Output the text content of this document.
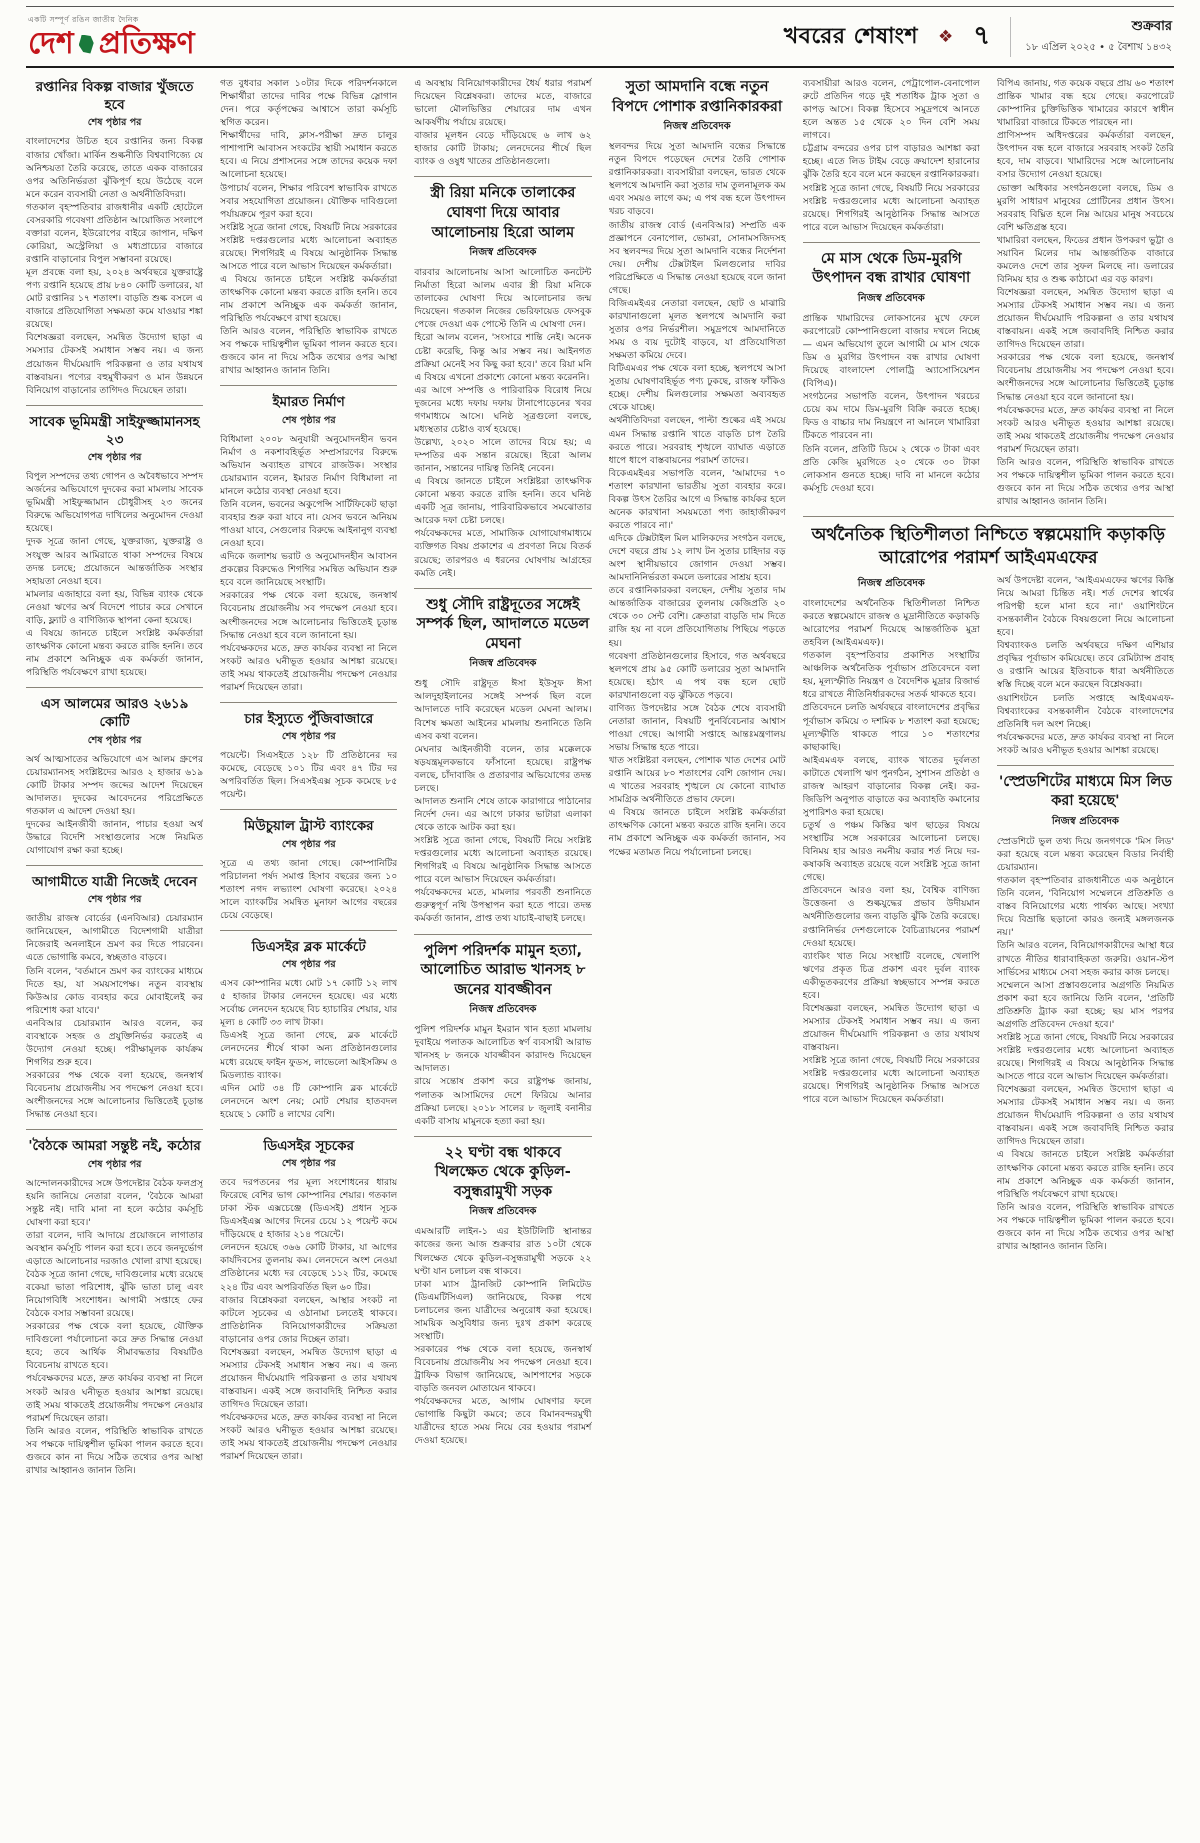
একটি সম্পূর্ণ রঙিন জাতীয় দৈনিক
দেশ প্রতিক্ষণ	খবরের শেষাংশ ❖ ৭	শুক্রবার
১৮ এপ্রিল ২০২৫ • ৫ বৈশাখ ১৪৩২
রপ্তানির বিকল্প বাজার খুঁজতে হবে
শেষ পৃষ্ঠার পর
বাংলাদেশের উচিত হবে রপ্তানির জন্য বিকল্প বাজার খোঁজা। মার্কিন শুল্কনীতি বিশ্ববাণিজ্যে যে অনিশ্চয়তা তৈরি করেছে, তাতে একক বাজারের ওপর অতিনির্ভরতা ঝুঁকিপূর্ণ হয়ে উঠেছে বলে মনে করেন ব্যবসায়ী নেতা ও অর্থনীতিবিদরা।
গতকাল বৃহস্পতিবার রাজধানীর একটি হোটেলে বেসরকারি গবেষণা প্রতিষ্ঠান আয়োজিত সংলাপে বক্তারা বলেন, ইউরোপের বাইরে জাপান, দক্ষিণ কোরিয়া, অস্ট্রেলিয়া ও মধ্যপ্রাচ্যের বাজারে রপ্তানি বাড়ানোর বিপুল সম্ভাবনা রয়েছে।
মূল প্রবন্ধে বলা হয়, ২০২৪ অর্থবছরে যুক্তরাষ্ট্রে পণ্য রপ্তানি হয়েছে প্রায় ৮৪০ কোটি ডলারের, যা মোট রপ্তানির ১৭ শতাংশ। বাড়তি শুল্ক বসলে এ বাজারে প্রতিযোগিতা সক্ষমতা কমে যাওয়ার শঙ্কা রয়েছে।
বিশেষজ্ঞরা বলছেন, সমন্বিত উদ্যোগ ছাড়া এ সমস্যার টেকসই সমাধান সম্ভব নয়। এ জন্য প্রয়োজন দীর্ঘমেয়াদি পরিকল্পনা ও তার যথাযথ বাস্তবায়ন। পণ্যের বহুমুখীকরণ ও মান উন্নয়নে বিনিয়োগ বাড়ানোর তাগিদও দিয়েছেন তারা।
সাবেক ভূমিমন্ত্রী সাইফুজ্জামানসহ ২৩
শেষ পৃষ্ঠার পর
বিপুল সম্পদের তথ্য গোপন ও অবৈধভাবে সম্পদ অর্জনের অভিযোগে দুদকের করা মামলায় সাবেক ভূমিমন্ত্রী সাইফুজ্জামান চৌধুরীসহ ২৩ জনের বিরুদ্ধে অভিযোগপত্র দাখিলের অনুমোদন দেওয়া হয়েছে।
দুদক সূত্রে জানা গেছে, যুক্তরাজ্য, যুক্তরাষ্ট্র ও সংযুক্ত আরব আমিরাতে থাকা সম্পদের বিষয়ে তদন্ত চলছে; প্রয়োজনে আন্তর্জাতিক সংস্থার সহায়তা নেওয়া হবে।
মামলার এজাহারে বলা হয়, বিভিন্ন ব্যাংক থেকে নেওয়া ঋণের অর্থ বিদেশে পাচার করে সেখানে বাড়ি, ফ্ল্যাট ও বাণিজ্যিক স্থাপনা কেনা হয়েছে।
এ বিষয়ে জানতে চাইলে সংশ্লিষ্ট কর্মকর্তারা তাৎক্ষণিক কোনো মন্তব্য করতে রাজি হননি। তবে নাম প্রকাশে অনিচ্ছুক এক কর্মকর্তা জানান, পরিস্থিতি পর্যবেক্ষণে রাখা হয়েছে।
এস আলমের আরও ২৬১৯ কোটি
শেষ পৃষ্ঠার পর
অর্থ আত্মসাতের অভিযোগে এস আলম গ্রুপের চেয়ারম্যানসহ সংশ্লিষ্টদের আরও ২ হাজার ৬১৯ কোটি টাকার সম্পদ জব্দের আদেশ দিয়েছেন আদালত। দুদকের আবেদনের পরিপ্রেক্ষিতে গতকাল এ আদেশ দেওয়া হয়।
দুদকের আইনজীবী জানান, পাচার হওয়া অর্থ উদ্ধারে বিদেশি সংস্থাগুলোর সঙ্গে নিয়মিত যোগাযোগ রক্ষা করা হচ্ছে।
আগামীতে যাত্রী নিজেই দেবেন
শেষ পৃষ্ঠার পর
জাতীয় রাজস্ব বোর্ডের (এনবিআর) চেয়ারম্যান জানিয়েছেন, আগামীতে বিদেশগামী যাত্রীরা নিজেরাই অনলাইনে ভ্রমণ কর দিতে পারবেন। এতে ভোগান্তি কমবে, স্বচ্ছতাও বাড়বে।
তিনি বলেন, 'বর্তমানে ভ্রমণ কর ব্যাংকের মাধ্যমে দিতে হয়, যা সময়সাপেক্ষ। নতুন ব্যবস্থায় কিউআর কোড ব্যবহার করে মোবাইলেই কর পরিশোধ করা যাবে।'
এনবিআর চেয়ারম্যান আরও বলেন, কর ব্যবস্থাকে সহজ ও প্রযুক্তিনির্ভর করতেই এ উদ্যোগ নেওয়া হচ্ছে। পরীক্ষামূলক কার্যক্রম শিগগির শুরু হবে।
সরকারের পক্ষ থেকে বলা হয়েছে, জনস্বার্থ বিবেচনায় প্রয়োজনীয় সব পদক্ষেপ নেওয়া হবে। অংশীজনদের সঙ্গে আলোচনার ভিত্তিতেই চূড়ান্ত সিদ্ধান্ত নেওয়া হবে।
'বৈঠকে আমরা সন্তুষ্ট নই, কঠোর
শেষ পৃষ্ঠার পর
আন্দোলনকারীদের সঙ্গে উপদেষ্টার বৈঠক ফলপ্রসূ হয়নি জানিয়ে নেতারা বলেন, 'বৈঠকে আমরা সন্তুষ্ট নই। দাবি মানা না হলে কঠোর কর্মসূচি ঘোষণা করা হবে।'
তারা বলেন, দাবি আদায়ে প্রয়োজনে লাগাতার অবস্থান কর্মসূচি পালন করা হবে। তবে জনদুর্ভোগ এড়াতে আলোচনার দরজাও খোলা রাখা হয়েছে।
বৈঠক সূত্রে জানা গেছে, দাবিগুলোর মধ্যে রয়েছে বকেয়া ভাতা পরিশোধ, ঝুঁকি ভাতা চালু এবং নিয়োগবিধি সংশোধন। আগামী সপ্তাহে ফের বৈঠকে বসার সম্ভাবনা রয়েছে।
সরকারের পক্ষ থেকে বলা হয়েছে, যৌক্তিক দাবিগুলো পর্যালোচনা করে দ্রুত সিদ্ধান্ত নেওয়া হবে; তবে আর্থিক সীমাবদ্ধতার বিষয়টিও বিবেচনায় রাখতে হবে।
পর্যবেক্ষকদের মতে, দ্রুত কার্যকর ব্যবস্থা না নিলে সংকট আরও ঘনীভূত হওয়ার আশঙ্কা রয়েছে। তাই সময় থাকতেই প্রয়োজনীয় পদক্ষেপ নেওয়ার পরামর্শ দিয়েছেন তারা।
তিনি আরও বলেন, পরিস্থিতি স্বাভাবিক রাখতে সব পক্ষকে দায়িত্বশীল ভূমিকা পালন করতে হবে। গুজবে কান না দিয়ে সঠিক তথ্যের ওপর আস্থা রাখার আহ্বানও জানান তিনি।
গত বুধবার সকাল ১০টার দিকে পরিদর্শনকালে শিক্ষার্থীরা তাদের দাবির পক্ষে বিভিন্ন স্লোগান দেন। পরে কর্তৃপক্ষের আশ্বাসে তারা কর্মসূচি স্থগিত করেন।
শিক্ষার্থীদের দাবি, ক্লাস-পরীক্ষা দ্রুত চালুর পাশাপাশি আবাসন সংকটের স্থায়ী সমাধান করতে হবে। এ নিয়ে প্রশাসনের সঙ্গে তাদের কয়েক দফা আলোচনা হয়েছে।
উপাচার্য বলেন, শিক্ষার পরিবেশ স্বাভাবিক রাখতে সবার সহযোগিতা প্রয়োজন। যৌক্তিক দাবিগুলো পর্যায়ক্রমে পূরণ করা হবে।
সংশ্লিষ্ট সূত্রে জানা গেছে, বিষয়টি নিয়ে সরকারের সংশ্লিষ্ট দপ্তরগুলোর মধ্যে আলোচনা অব্যাহত রয়েছে। শিগগিরই এ বিষয়ে আনুষ্ঠানিক সিদ্ধান্ত আসতে পারে বলে আভাস দিয়েছেন কর্মকর্তারা।
এ বিষয়ে জানতে চাইলে সংশ্লিষ্ট কর্মকর্তারা তাৎক্ষণিক কোনো মন্তব্য করতে রাজি হননি। তবে নাম প্রকাশে অনিচ্ছুক এক কর্মকর্তা জানান, পরিস্থিতি পর্যবেক্ষণে রাখা হয়েছে।
তিনি আরও বলেন, পরিস্থিতি স্বাভাবিক রাখতে সব পক্ষকে দায়িত্বশীল ভূমিকা পালন করতে হবে। গুজবে কান না দিয়ে সঠিক তথ্যের ওপর আস্থা রাখার আহ্বানও জানান তিনি।
ইমারত নির্মাণ
শেষ পৃষ্ঠার পর
বিধিমালা ২০০৮ অনুযায়ী অনুমোদনহীন ভবন নির্মাণ ও নকশাবহির্ভূত সম্প্রসারণের বিরুদ্ধে অভিযান অব্যাহত রাখবে রাজউক। সংস্থার চেয়ারম্যান বলেন, ইমারত নির্মাণ বিধিমালা না মানলে কঠোর ব্যবস্থা নেওয়া হবে।
তিনি বলেন, ভবনের অকুপেন্সি সার্টিফিকেট ছাড়া ব্যবহার শুরু করা যাবে না। যেসব ভবনে অনিয়ম পাওয়া যাবে, সেগুলোর বিরুদ্ধে আইনানুগ ব্যবস্থা নেওয়া হবে।
এদিকে জলাশয় ভরাট ও অনুমোদনহীন আবাসন প্রকল্পের বিরুদ্ধেও শিগগির সমন্বিত অভিযান শুরু হবে বলে জানিয়েছে সংস্থাটি।
সরকারের পক্ষ থেকে বলা হয়েছে, জনস্বার্থ বিবেচনায় প্রয়োজনীয় সব পদক্ষেপ নেওয়া হবে। অংশীজনদের সঙ্গে আলোচনার ভিত্তিতেই চূড়ান্ত সিদ্ধান্ত নেওয়া হবে বলে জানানো হয়।
পর্যবেক্ষকদের মতে, দ্রুত কার্যকর ব্যবস্থা না নিলে সংকট আরও ঘনীভূত হওয়ার আশঙ্কা রয়েছে। তাই সময় থাকতেই প্রয়োজনীয় পদক্ষেপ নেওয়ার পরামর্শ দিয়েছেন তারা।
চার ইস্যুতে পুঁজিবাজারে
শেষ পৃষ্ঠার পর
পয়েন্টে। সিএসইতে ১২৮ টি প্রতিষ্ঠানের দর কমেছে, বেড়েছে ১০১ টির এবং ৪৭ টির দর অপরিবর্তিত ছিল। সিএসইএক্স সূচক কমেছে ৮৫ পয়েন্ট।
মিউচুয়াল ট্রাস্ট ব্যাংকের
শেষ পৃষ্ঠার পর
সূত্রে এ তথ্য জানা গেছে। কোম্পানিটির পরিচালনা পর্ষদ সমাপ্ত হিসাব বছরের জন্য ১০ শতাংশ নগদ লভ্যাংশ ঘোষণা করেছে। ২০২৪ সালে ব্যাংকটির সমন্বিত মুনাফা আগের বছরের চেয়ে বেড়েছে।
ডিএসইর ব্লক মার্কেটে
শেষ পৃষ্ঠার পর
এসব কোম্পানির মধ্যে মোট ১৭ কোটি ১২ লাখ ৫ হাজার টাকার লেনদেন হয়েছে। এর মধ্যে সর্বোচ্চ লেনদেন হয়েছে বিচ হ্যাচারির শেয়ার, যার মূল্য ৪ কোটি ৩৩ লাখ টাকা।
ডিএসই সূত্রে জানা গেছে, ব্লক মার্কেটে লেনদেনের শীর্ষে থাকা অন্য প্রতিষ্ঠানগুলোর মধ্যে রয়েছে ফাইন ফুডস, লাভেলো আইসক্রিম ও মিডল্যান্ড ব্যাংক।
এদিন মোট ৩৪ টি কোম্পানি ব্লক মার্কেটে লেনদেনে অংশ নেয়; মোট শেয়ার হাতবদল হয়েছে ১ কোটি ৪ লাখের বেশি।
ডিএসইর সূচকের
শেষ পৃষ্ঠার পর
তবে দরপতনের পর মূল্য সংশোধনের ধারায় ফিরেছে বেশির ভাগ কোম্পানির শেয়ার। গতকাল ঢাকা স্টক এক্সচেঞ্জে (ডিএসই) প্রধান সূচক ডিএসইএক্স আগের দিনের চেয়ে ১২ পয়েন্ট কমে দাঁড়িয়েছে ৫ হাজার ২১৪ পয়েন্টে।
লেনদেন হয়েছে ৩৬৬ কোটি টাকার, যা আগের কার্যদিবসের তুলনায় কম। লেনদেনে অংশ নেওয়া প্রতিষ্ঠানের মধ্যে দর বেড়েছে ১১২ টির, কমেছে ২২৪ টির এবং অপরিবর্তিত ছিল ৬০ টির।
বাজার বিশ্লেষকরা বলছেন, আস্থার সংকট না কাটলে সূচকের এ ওঠানামা চলতেই থাকবে। প্রাতিষ্ঠানিক বিনিয়োগকারীদের সক্রিয়তা বাড়ানোর ওপর জোর দিচ্ছেন তারা।
বিশেষজ্ঞরা বলছেন, সমন্বিত উদ্যোগ ছাড়া এ সমস্যার টেকসই সমাধান সম্ভব নয়। এ জন্য প্রয়োজন দীর্ঘমেয়াদি পরিকল্পনা ও তার যথাযথ বাস্তবায়ন। একই সঙ্গে জবাবদিহি নিশ্চিত করার তাগিদও দিয়েছেন তারা।
পর্যবেক্ষকদের মতে, দ্রুত কার্যকর ব্যবস্থা না নিলে সংকট আরও ঘনীভূত হওয়ার আশঙ্কা রয়েছে। তাই সময় থাকতেই প্রয়োজনীয় পদক্ষেপ নেওয়ার পরামর্শ দিয়েছেন তারা।
এ অবস্থায় বিনিয়োগকারীদের ধৈর্য ধরার পরামর্শ দিয়েছেন বিশ্লেষকরা। তাদের মতে, বাজারে ভালো মৌলভিত্তির শেয়ারের দাম এখন আকর্ষণীয় পর্যায়ে রয়েছে।
বাজার মূলধন বেড়ে দাঁড়িয়েছে ৬ লাখ ৬২ হাজার কোটি টাকায়; লেনদেনের শীর্ষে ছিল ব্যাংক ও ওষুধ খাতের প্রতিষ্ঠানগুলো।
স্ত্রী রিয়া মনিকে তালাকের ঘোষণা দিয়ে আবার আলোচনায় হিরো আলম
নিজস্ব প্রতিবেদক
বারবার আলোচনায় আসা আলোচিত কনটেন্ট নির্মাতা হিরো আলম এবার স্ত্রী রিয়া মনিকে তালাকের ঘোষণা দিয়ে আলোচনার জন্ম দিয়েছেন। গতকাল নিজের ভেরিফায়েড ফেসবুক পেজে দেওয়া এক পোস্টে তিনি এ ঘোষণা দেন।
হিরো আলম বলেন, 'সংসারে শান্তি নেই। অনেক চেষ্টা করেছি, কিন্তু আর সম্ভব নয়। আইনগত প্রক্রিয়া মেনেই সব কিছু করা হবে।' তবে রিয়া মনি এ বিষয়ে এখনো প্রকাশ্যে কোনো মন্তব্য করেননি।
এর আগে সম্পত্তি ও পারিবারিক বিরোধ নিয়ে দুজনের মধ্যে দফায় দফায় টানাপোড়েনের খবর গণমাধ্যমে আসে। ঘনিষ্ঠ সূত্রগুলো বলছে, মধ্যস্থতার চেষ্টাও ব্যর্থ হয়েছে।
উল্লেখ্য, ২০২০ সালে তাদের বিয়ে হয়; এ দম্পতির এক সন্তান রয়েছে। হিরো আলম জানান, সন্তানের দায়িত্ব তিনিই নেবেন।
এ বিষয়ে জানতে চাইলে সংশ্লিষ্টরা তাৎক্ষণিক কোনো মন্তব্য করতে রাজি হননি। তবে ঘনিষ্ঠ একটি সূত্র জানায়, পারিবারিকভাবে সমঝোতার আরেক দফা চেষ্টা চলছে।
পর্যবেক্ষকদের মতে, সামাজিক যোগাযোগমাধ্যমে ব্যক্তিগত বিষয় প্রকাশের এ প্রবণতা নিয়ে বিতর্ক রয়েছে; তারপরও এ ধরনের ঘোষণায় আগ্রহের কমতি নেই।
শুধু সৌদি রাষ্ট্রদূতের সঙ্গেই সম্পর্ক ছিল, আদালতে মডেল মেঘনা
নিজস্ব প্রতিবেদক
শুধু সৌদি রাষ্ট্রদূত ঈসা ইউসুফ ঈসা আলদুহাইলানের সঙ্গেই সম্পর্ক ছিল বলে আদালতে দাবি করেছেন মডেল মেঘনা আলম। বিশেষ ক্ষমতা আইনের মামলায় শুনানিতে তিনি এসব কথা বলেন।
মেঘনার আইনজীবী বলেন, তার মক্কেলকে ষড়যন্ত্রমূলকভাবে ফাঁসানো হয়েছে। রাষ্ট্রপক্ষ বলছে, চাঁদাবাজি ও প্রতারণার অভিযোগের তদন্ত চলছে।
আদালত শুনানি শেষে তাকে কারাগারে পাঠানোর নির্দেশ দেন। এর আগে ঢাকার ভাটারা এলাকা থেকে তাকে আটক করা হয়।
সংশ্লিষ্ট সূত্রে জানা গেছে, বিষয়টি নিয়ে সংশ্লিষ্ট দপ্তরগুলোর মধ্যে আলোচনা অব্যাহত রয়েছে। শিগগিরই এ বিষয়ে আনুষ্ঠানিক সিদ্ধান্ত আসতে পারে বলে আভাস দিয়েছেন কর্মকর্তারা।
পর্যবেক্ষকদের মতে, মামলার পরবর্তী শুনানিতে গুরুত্বপূর্ণ নথি উপস্থাপন করা হতে পারে। তদন্ত কর্মকর্তা জানান, প্রাপ্ত তথ্য যাচাই-বাছাই চলছে।
পুলিশ পরিদর্শক মামুন হত্যা, আলোচিত আরাভ খানসহ ৮ জনের যাবজ্জীবন
নিজস্ব প্রতিবেদক
পুলিশ পরিদর্শক মামুন ইমরান খান হত্যা মামলায় দুবাইয়ে পলাতক আলোচিত স্বর্ণ ব্যবসায়ী আরাভ খানসহ ৮ জনকে যাবজ্জীবন কারাদণ্ড দিয়েছেন আদালত।
রায়ে সন্তোষ প্রকাশ করে রাষ্ট্রপক্ষ জানায়, পলাতক আসামিদের দেশে ফিরিয়ে আনার প্রক্রিয়া চলছে। ২০১৮ সালের ৮ জুলাই বনানীর একটি বাসায় মামুনকে হত্যা করা হয়।
২২ ঘণ্টা বন্ধ থাকবে খিলক্ষেত থেকে কুড়িল-বসুন্ধরামুখী সড়ক
নিজস্ব প্রতিবেদক
এমআরটি লাইন-১ এর ইউটিলিটি স্থানান্তর কাজের জন্য আজ শুক্রবার রাত ১০টা থেকে খিলক্ষেত থেকে কুড়িল-বসুন্ধরামুখী সড়কে ২২ ঘণ্টা যান চলাচল বন্ধ থাকবে।
ঢাকা ম্যাস ট্রানজিট কোম্পানি লিমিটেড (ডিএমটিসিএল) জানিয়েছে, বিকল্প পথে চলাচলের জন্য যাত্রীদের অনুরোধ করা হয়েছে। সাময়িক অসুবিধার জন্য দুঃখ প্রকাশ করেছে সংস্থাটি।
সরকারের পক্ষ থেকে বলা হয়েছে, জনস্বার্থ বিবেচনায় প্রয়োজনীয় সব পদক্ষেপ নেওয়া হবে। ট্রাফিক বিভাগ জানিয়েছে, আশপাশের সড়কে বাড়তি জনবল মোতায়েন থাকবে।
পর্যবেক্ষকদের মতে, আগাম ঘোষণার ফলে ভোগান্তি কিছুটা কমবে; তবে বিমানবন্দরমুখী যাত্রীদের হাতে সময় নিয়ে বের হওয়ার পরামর্শ দেওয়া হয়েছে।
সুতা আমদানি বন্ধে নতুন বিপদে পোশাক রপ্তানিকারকরা
নিজস্ব প্রতিবেদক
স্থলবন্দর দিয়ে সুতা আমদানি বন্ধের সিদ্ধান্তে নতুন বিপদে পড়েছেন দেশের তৈরি পোশাক রপ্তানিকারকরা। ব্যবসায়ীরা বলছেন, ভারত থেকে স্থলপথে আমদানি করা সুতার দাম তুলনামূলক কম এবং সময়ও লাগে কম; এ পথ বন্ধ হলে উৎপাদন খরচ বাড়বে।
জাতীয় রাজস্ব বোর্ড (এনবিআর) সম্প্রতি এক প্রজ্ঞাপনে বেনাপোল, ভোমরা, সোনামসজিদসহ সব স্থলবন্দর দিয়ে সুতা আমদানি বন্ধের নির্দেশনা দেয়। দেশীয় টেক্সটাইল মিলগুলোর দাবির পরিপ্রেক্ষিতে এ সিদ্ধান্ত নেওয়া হয়েছে বলে জানা গেছে।
বিজিএমইএর নেতারা বলছেন, ছোট ও মাঝারি কারখানাগুলো মূলত স্থলপথে আমদানি করা সুতার ওপর নির্ভরশীল। সমুদ্রপথে আমদানিতে সময় ও ব্যয় দুটোই বাড়বে, যা প্রতিযোগিতা সক্ষমতা কমিয়ে দেবে।
বিটিএমএর পক্ষ থেকে বলা হচ্ছে, স্থলপথে আসা সুতায় ঘোষণাবহির্ভূত পণ্য ঢুকছে, রাজস্ব ফাঁকিও হচ্ছে। দেশীয় মিলগুলোর সক্ষমতা অব্যবহৃত থেকে যাচ্ছে।
অর্থনীতিবিদরা বলছেন, পাল্টা শুল্কের এই সময়ে এমন সিদ্ধান্ত রপ্তানি খাতে বাড়তি চাপ তৈরি করতে পারে। সরবরাহ শৃঙ্খলে ব্যাঘাত এড়াতে ধাপে ধাপে বাস্তবায়নের পরামর্শ তাদের।
বিকেএমইএর সভাপতি বলেন, 'আমাদের ৭০ শতাংশ কারখানা ভারতীয় সুতা ব্যবহার করে। বিকল্প উৎস তৈরির আগে এ সিদ্ধান্ত কার্যকর হলে অনেক কারখানা সময়মতো পণ্য জাহাজীকরণ করতে পারবে না।'
এদিকে টেক্সটাইল মিল মালিকদের সংগঠন বলছে, দেশে বছরে প্রায় ১২ লাখ টন সুতার চাহিদার বড় অংশ স্থানীয়ভাবে জোগান দেওয়া সম্ভব। আমদানিনির্ভরতা কমলে ডলারের সাশ্রয় হবে।
তবে রপ্তানিকারকরা বলছেন, দেশীয় সুতার দাম আন্তর্জাতিক বাজারের তুলনায় কেজিপ্রতি ২০ থেকে ৩০ সেন্ট বেশি। ক্রেতারা বাড়তি দাম দিতে রাজি হয় না বলে প্রতিযোগিতায় পিছিয়ে পড়তে হয়।
গবেষণা প্রতিষ্ঠানগুলোর হিসাবে, গত অর্থবছরে স্থলপথে প্রায় ৯৫ কোটি ডলারের সুতা আমদানি হয়েছে। হঠাৎ এ পথ বন্ধ হলে ছোট কারখানাগুলো বড় ঝুঁকিতে পড়বে।
বাণিজ্য উপদেষ্টার সঙ্গে বৈঠক শেষে ব্যবসায়ী নেতারা জানান, বিষয়টি পুনর্বিবেচনার আশ্বাস পাওয়া গেছে। আগামী সপ্তাহে আন্তঃমন্ত্রণালয় সভায় সিদ্ধান্ত হতে পারে।
খাত সংশ্লিষ্টরা বলছেন, পোশাক খাত দেশের মোট রপ্তানি আয়ের ৮০ শতাংশের বেশি জোগান দেয়। এ খাতের সরবরাহ শৃঙ্খলে যে কোনো ব্যাঘাত সামগ্রিক অর্থনীতিতে প্রভাব ফেলে।
এ বিষয়ে জানতে চাইলে সংশ্লিষ্ট কর্মকর্তারা তাৎক্ষণিক কোনো মন্তব্য করতে রাজি হননি। তবে নাম প্রকাশে অনিচ্ছুক এক কর্মকর্তা জানান, সব পক্ষের মতামত নিয়ে পর্যালোচনা চলছে।
ব্যবসায়ীরা আরও বলেন, পেট্রাপোল-বেনাপোল রুটে প্রতিদিন গড়ে দুই শতাধিক ট্রাক সুতা ও কাপড় আসে। বিকল্প হিসেবে সমুদ্রপথে আনতে হলে অন্তত ১৫ থেকে ২০ দিন বেশি সময় লাগবে।
চট্টগ্রাম বন্দরের ওপর চাপ বাড়ারও আশঙ্কা করা হচ্ছে। এতে লিড টাইম বেড়ে ক্রয়াদেশ হারানোর ঝুঁকি তৈরি হবে বলে মনে করছেন রপ্তানিকারকরা।
সংশ্লিষ্ট সূত্রে জানা গেছে, বিষয়টি নিয়ে সরকারের সংশ্লিষ্ট দপ্তরগুলোর মধ্যে আলোচনা অব্যাহত রয়েছে। শিগগিরই আনুষ্ঠানিক সিদ্ধান্ত আসতে পারে বলে আভাস দিয়েছেন কর্মকর্তারা।
মে মাস থেকে ডিম-মুরগি উৎপাদন বন্ধ রাখার ঘোষণা
নিজস্ব প্রতিবেদক
প্রান্তিক খামারিদের লোকসানের মুখে ফেলে করপোরেট কোম্পানিগুলো বাজার দখলে নিচ্ছে— এমন অভিযোগ তুলে আগামী মে মাস থেকে ডিম ও মুরগির উৎপাদন বন্ধ রাখার ঘোষণা দিয়েছে বাংলাদেশ পোলট্রি অ্যাসোসিয়েশন (বিপিএ)।
সংগঠনের সভাপতি বলেন, উৎপাদন খরচের চেয়ে কম দামে ডিম-মুরগি বিক্রি করতে হচ্ছে। ফিড ও বাচ্চার দাম নিয়ন্ত্রণে না আনলে খামারিরা টিকতে পারবেন না।
তিনি বলেন, প্রতিটি ডিমে ২ থেকে ৩ টাকা এবং প্রতি কেজি মুরগিতে ২০ থেকে ৩০ টাকা লোকসান গুনতে হচ্ছে। দাবি না মানলে কঠোর কর্মসূচি দেওয়া হবে।
বিপিএ জানায়, গত কয়েক বছরে প্রায় ৬০ শতাংশ প্রান্তিক খামার বন্ধ হয়ে গেছে। করপোরেট কোম্পানির চুক্তিভিত্তিক খামারের কারণে স্বাধীন খামারিরা বাজারে টিকতে পারছেন না।
প্রাণিসম্পদ অধিদপ্তরের কর্মকর্তারা বলছেন, উৎপাদন বন্ধ হলে বাজারে সরবরাহ সংকট তৈরি হবে, দাম বাড়বে। খামারিদের সঙ্গে আলোচনায় বসার উদ্যোগ নেওয়া হয়েছে।
ভোক্তা অধিকার সংগঠনগুলো বলছে, ডিম ও মুরগি সাধারণ মানুষের প্রোটিনের প্রধান উৎস। সরবরাহ বিঘ্নিত হলে নিম্ন আয়ের মানুষ সবচেয়ে বেশি ক্ষতিগ্রস্ত হবে।
খামারিরা বলছেন, ফিডের প্রধান উপকরণ ভুট্টা ও সয়াবিন মিলের দাম আন্তর্জাতিক বাজারে কমলেও দেশে তার সুফল মিলছে না। ডলারের বিনিময় হার ও শুল্ক কাঠামো এর বড় কারণ।
বিশেষজ্ঞরা বলছেন, সমন্বিত উদ্যোগ ছাড়া এ সমস্যার টেকসই সমাধান সম্ভব নয়। এ জন্য প্রয়োজন দীর্ঘমেয়াদি পরিকল্পনা ও তার যথাযথ বাস্তবায়ন। একই সঙ্গে জবাবদিহি নিশ্চিত করার তাগিদও দিয়েছেন তারা।
সরকারের পক্ষ থেকে বলা হয়েছে, জনস্বার্থ বিবেচনায় প্রয়োজনীয় সব পদক্ষেপ নেওয়া হবে। অংশীজনদের সঙ্গে আলোচনার ভিত্তিতেই চূড়ান্ত সিদ্ধান্ত নেওয়া হবে বলে জানানো হয়।
পর্যবেক্ষকদের মতে, দ্রুত কার্যকর ব্যবস্থা না নিলে সংকট আরও ঘনীভূত হওয়ার আশঙ্কা রয়েছে। তাই সময় থাকতেই প্রয়োজনীয় পদক্ষেপ নেওয়ার পরামর্শ দিয়েছেন তারা।
তিনি আরও বলেন, পরিস্থিতি স্বাভাবিক রাখতে সব পক্ষকে দায়িত্বশীল ভূমিকা পালন করতে হবে। গুজবে কান না দিয়ে সঠিক তথ্যের ওপর আস্থা রাখার আহ্বানও জানান তিনি।
অর্থনৈতিক স্থিতিশীলতা নিশ্চিতে স্বল্পমেয়াদি কড়াকড়ি আরোপের পরামর্শ আইএমএফের
নিজস্ব প্রতিবেদক
বাংলাদেশের অর্থনৈতিক স্থিতিশীলতা নিশ্চ‍িত করতে স্বল্পমেয়াদে রাজস্ব ও মুদ্রানীতিতে কড়াকড়ি আরোপের পরামর্শ দিয়েছে আন্তর্জাতিক মুদ্রা তহবিল (আইএমএফ)।
গতকাল বৃহস্পতিবার প্রকাশিত সংস্থাটির আঞ্চলিক অর্থনৈতিক পূর্বাভাস প্রতিবেদনে বলা হয়, মূল্যস্ফীতি নিয়ন্ত্রণ ও বৈদেশিক মুদ্রার রিজার্ভ ধরে রাখতে নীতিনির্ধারকদের সতর্ক থাকতে হবে।
প্রতিবেদনে চলতি অর্থবছরে বাংলাদেশের প্রবৃদ্ধির পূর্বাভাস কমিয়ে ৩ দশমিক ৮ শতাংশ করা হয়েছে; মূল্যস্ফীতি থাকতে পারে ১০ শতাংশের কাছাকাছি।
আইএমএফ বলছে, ব্যাংক খাতের দুর্বলতা কাটাতে খেলাপি ঋণ পুনর্গঠন, সুশাসন প্রতিষ্ঠা ও রাজস্ব আহরণ বাড়ানোর বিকল্প নেই। কর-জিডিপি অনুপাত বাড়াতে কর অব্যাহতি কমানোর সুপারিশও করা হয়েছে।
চতুর্থ ও পঞ্চম কিস্তির ঋণ ছাড়ের বিষয়ে সংস্থাটির সঙ্গে সরকারের আলোচনা চলছে। বিনিময় হার আরও নমনীয় করার শর্ত নিয়ে দর-কষাকষি অব্যাহত রয়েছে বলে সংশ্লিষ্ট সূত্রে জানা গেছে।
প্রতিবেদনে আরও বলা হয়, বৈশ্বিক বাণিজ্য উত্তেজনা ও শুল্কযুদ্ধের প্রভাব উদীয়মান অর্থনীতিগুলোর জন্য বাড়তি ঝুঁকি তৈরি করেছে। রপ্তানিনির্ভর দেশগুলোকে বৈচিত্র্যায়নের পরামর্শ দেওয়া হয়েছে।
ব্যাংকিং খাত নিয়ে সংস্থাটি বলেছে, খেলাপি ঋণের প্রকৃত চিত্র প্রকাশ এবং দুর্বল ব্যাংক একীভূতকরণের প্রক্রিয়া স্বচ্ছভাবে সম্পন্ন করতে হবে।
বিশেষজ্ঞরা বলছেন, সমন্বিত উদ্যোগ ছাড়া এ সমস্যার টেকসই সমাধান সম্ভব নয়। এ জন্য প্রয়োজন দীর্ঘমেয়াদি পরিকল্পনা ও তার যথাযথ বাস্তবায়ন।
সংশ্লিষ্ট সূত্রে জানা গেছে, বিষয়টি নিয়ে সরকারের সংশ্লিষ্ট দপ্তরগুলোর মধ্যে আলোচনা অব্যাহত রয়েছে। শিগগিরই আনুষ্ঠানিক সিদ্ধান্ত আসতে পারে বলে আভাস দিয়েছেন কর্মকর্তারা।
অর্থ উপদেষ্টা বলেন, 'আইএমএফের ঋণের কিস্তি নিয়ে আমরা চিন্তিত নই। শর্ত দেশের স্বার্থের পরিপন্থী হলে মানা হবে না।' ওয়াশিংটনে বসন্তকালীন বৈঠকে বিষয়গুলো নিয়ে আলোচনা হবে।
বিশ্বব্যাংকও চলতি অর্থবছরে দক্ষিণ এশিয়ার প্রবৃদ্ধির পূর্বাভাস কমিয়েছে। তবে রেমিট্যান্স প্রবাহ ও রপ্তানি আয়ের ইতিবাচক ধারা অর্থনীতিতে স্বস্তি দিচ্ছে বলে মনে করছেন বিশ্লেষকরা।
ওয়াশিংটনে চলতি সপ্তাহে আইএমএফ-বিশ্বব্যাংকের বসন্তকালীন বৈঠকে বাংলাদেশের প্রতিনিধি দল অংশ নিচ্ছে।
পর্যবেক্ষকদের মতে, দ্রুত কার্যকর ব্যবস্থা না নিলে সংকট আরও ঘনীভূত হওয়ার আশঙ্কা রয়েছে।
'স্প্রেডশিটের মাধ্যমে মিস লিড করা হয়েছে'
নিজস্ব প্রতিবেদক
স্প্রেডশিটে ভুল তথ্য দিয়ে জনগণকে 'মিস লিড' করা হয়েছে বলে মন্তব্য করেছেন বিডার নির্বাহী চেয়ারম্যান।
গতকাল বৃহস্পতিবার রাজধানীতে এক অনুষ্ঠানে তিনি বলেন, 'বিনিয়োগ সম্মেলনে প্রতিশ্রুতি ও বাস্তব বিনিয়োগের মধ্যে পার্থক্য আছে। সংখ্যা দিয়ে বিভ্রান্তি ছড়ানো কারও জন্যই মঙ্গলজনক নয়।'
তিনি আরও বলেন, বিনিয়োগকারীদের আস্থা ধরে রাখতে নীতির ধারাবাহিকতা জরুরি। ওয়ান-স্টপ সার্ভিসের মাধ্যমে সেবা সহজ করার কাজ চলছে।
সম্মেলনে আসা প্রস্তাবগুলোর অগ্রগতি নিয়মিত প্রকাশ করা হবে জানিয়ে তিনি বলেন, 'প্রতিটি প্রতিশ্রুতি ট্র্যাক করা হচ্ছে; ছয় মাস পরপর অগ্রগতি প্রতিবেদন দেওয়া হবে।'
সংশ্লিষ্ট সূত্রে জানা গেছে, বিষয়টি নিয়ে সরকারের সংশ্লিষ্ট দপ্তরগুলোর মধ্যে আলোচনা অব্যাহত রয়েছে। শিগগিরই এ বিষয়ে আনুষ্ঠানিক সিদ্ধান্ত আসতে পারে বলে আভাস দিয়েছেন কর্মকর্তারা।
বিশেষজ্ঞরা বলছেন, সমন্বিত উদ্যোগ ছাড়া এ সমস্যার টেকসই সমাধান সম্ভব নয়। এ জন্য প্রয়োজন দীর্ঘমেয়াদি পরিকল্পনা ও তার যথাযথ বাস্তবায়ন। একই সঙ্গে জবাবদিহি নিশ্চিত করার তাগিদও দিয়েছেন তারা।
এ বিষয়ে জানতে চাইলে সংশ্লিষ্ট কর্মকর্তারা তাৎক্ষণিক কোনো মন্তব্য করতে রাজি হননি। তবে নাম প্রকাশে অনিচ্ছুক এক কর্মকর্তা জানান, পরিস্থিতি পর্যবেক্ষণে রাখা হয়েছে।
তিনি আরও বলেন, পরিস্থিতি স্বাভাবিক রাখতে সব পক্ষকে দায়িত্বশীল ভূমিকা পালন করতে হবে। গুজবে কান না দিয়ে সঠিক তথ্যের ওপর আস্থা রাখার আহ্বানও জানান তিনি।
